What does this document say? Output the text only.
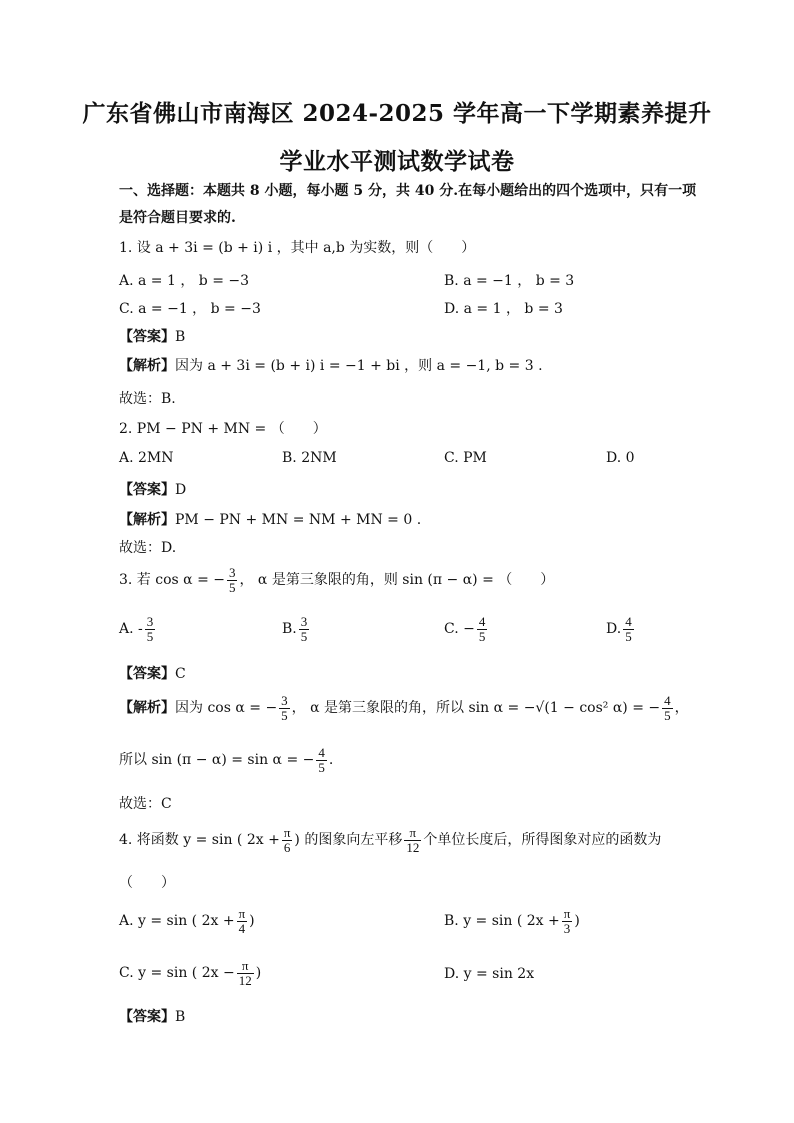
广东省佛山市南海区 2024-2025 学年高一下学期素养提升
学业水平测试数学试卷
一、选择题：本题共 8 小题，每小题 5 分，共 40 分.在每小题给出的四个选项中，只有一项
是符合题目要求的.
1. 设 a + 3i = (b + i) i ，其中 a,b 为实数，则（　　）
A. a = 1 ， b = −3	B. a = −1 ， b = 3
C. a = −1 ， b = −3	D. a = 1 ， b = 3
【答案】B
【解析】因为 a + 3i = (b + i) i = −1 + bi ，则 a = −1, b = 3 .
故选：B.
2. PM − PN + MN = （　　）
A. 2MN	B. 2NM	C. PM	D. 0
【答案】D
【解析】PM − PN + MN = NM + MN = 0 .
故选：D.
3. 若 cos α = − $\frac{3}{5}$ ， α 是第三象限的角，则 sin (π − α) = （　　）
A. - $\frac{3}{5}$	B. $\frac{3}{5}$	C. − $\frac{4}{5}$	D. $\frac{4}{5}$
【答案】C
【解析】因为 cos α = − $\frac{3}{5}$ ， α 是第三象限的角，所以 sin α = −√(1 − cos² α) = − $\frac{4}{5}$ ，
所以 sin (π − α) = sin α = − $\frac{4}{5}$ .
故选：C
4. 将函数 y = sin ( $2x + \frac{\pi}{6}$ ) 的图象向左平移 $\frac{\pi}{12}$ 个单位长度后，所得图象对应的函数为
（　　）
A. y = sin ( $2x + \frac{\pi}{4}$ )	B. y = sin ( $2x + \frac{\pi}{3}$ )
C. y = sin ( $2x - \frac{\pi}{12}$ )	D. y = sin 2x
【答案】B
